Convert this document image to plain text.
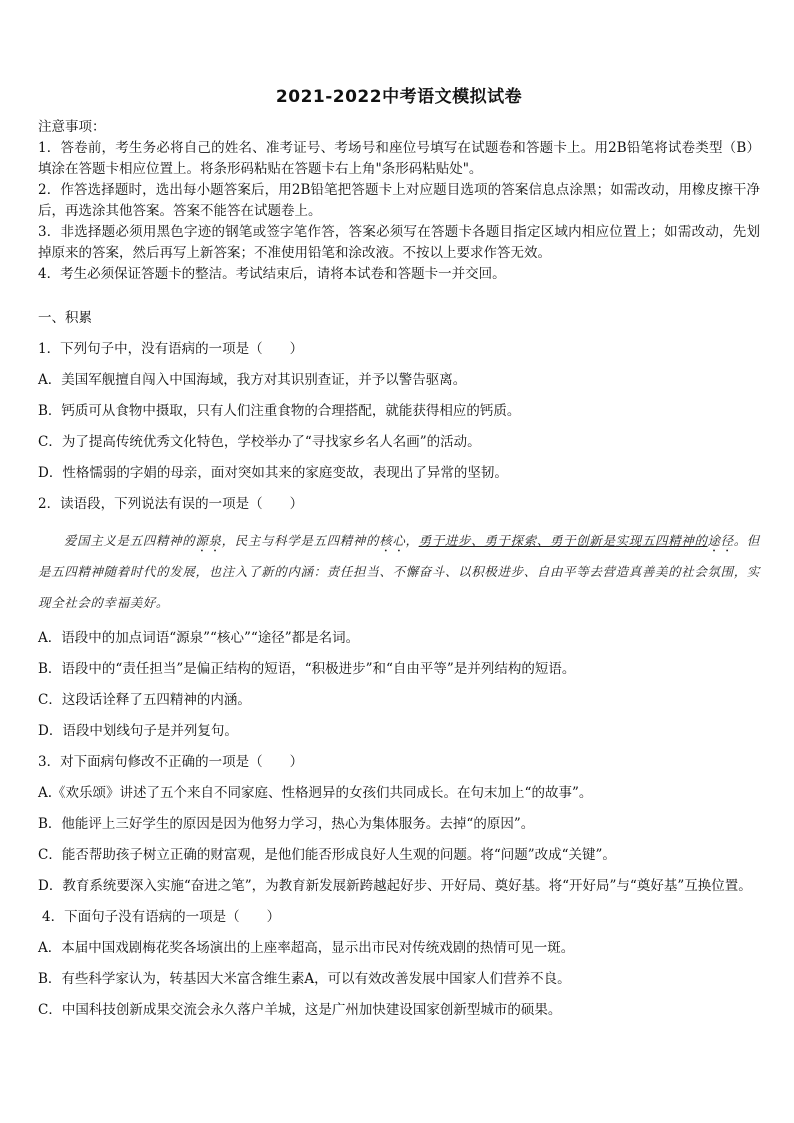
2021-2022中考语文模拟试卷
注意事项：

1．答卷前，考生务必将自己的姓名、准考证号、考场号和座位号填写在试题卷和答题卡上。用2B铅笔将试卷类型（B）填涂在答题卡相应位置上。将条形码粘贴在答题卡右上角"条形码粘贴处"。

2．作答选择题时，选出每小题答案后，用2B铅笔把答题卡上对应题目选项的答案信息点涂黑；如需改动，用橡皮擦干净后，再选涂其他答案。答案不能答在试题卷上。

3．非选择题必须用黑色字迹的钢笔或签字笔作答，答案必须写在答题卡各题目指定区域内相应位置上；如需改动，先划掉原来的答案，然后再写上新答案；不准使用铅笔和涂改液。不按以上要求作答无效。

4．考生必须保证答题卡的整洁。考试结束后，请将本试卷和答题卡一并交回。

一、积累

1．下列句子中，没有语病的一项是（　　）

A．美国军舰擅自闯入中国海域，我方对其识别查证，并予以警告驱离。

B．钙质可从食物中摄取，只有人们注重食物的合理搭配，就能获得相应的钙质。

C．为了提高传统优秀文化特色，学校举办了“寻找家乡名人名画”的活动。

D．性格懦弱的字娟的母亲，面对突如其来的家庭变故，表现出了异常的坚韧。

2．读语段，下列说法有误的一项是（　　）

爱国主义是五四精神的源泉，民主与科学是五四精神的核心，勇于进步、勇于探索、勇于创新是实现五四精神的途径。但是五四精神随着时代的发展，也注入了新的内涵：责任担当、不懈奋斗、以积极进步、自由平等去营造真善美的社会氛围，实现全社会的幸福美好。

A．语段中的加点词语“源泉”“核心”“途径”都是名词。

B．语段中的“责任担当”是偏正结构的短语，“积极进步”和“自由平等”是并列结构的短语。

C．这段话诠释了五四精神的内涵。

D．语段中划线句子是并列复句。

3．对下面病句修改不正确的一项是（　　）

A.《欢乐颂》讲述了五个来自不同家庭、性格迥异的女孩们共同成长。在句末加上“的故事”。

B．他能评上三好学生的原因是因为他努力学习，热心为集体服务。去掉“的原因”。

C．能否帮助孩子树立正确的财富观，是他们能否形成良好人生观的问题。将“问题”改成“关键”。

D．教育系统要深入实施“奋进之笔”，为教育新发展新跨越起好步、开好局、奠好基。将“开好局”与“奠好基”互换位置。

4．下面句子没有语病的一项是（　　）

A．本届中国戏剧梅花奖各场演出的上座率超高，显示出市民对传统戏剧的热情可见一斑。

B．有些科学家认为，转基因大米富含维生素A，可以有效改善发展中国家人们营养不良。

C．中国科技创新成果交流会永久落户羊城，这是广州加快建设国家创新型城市的硕果。
